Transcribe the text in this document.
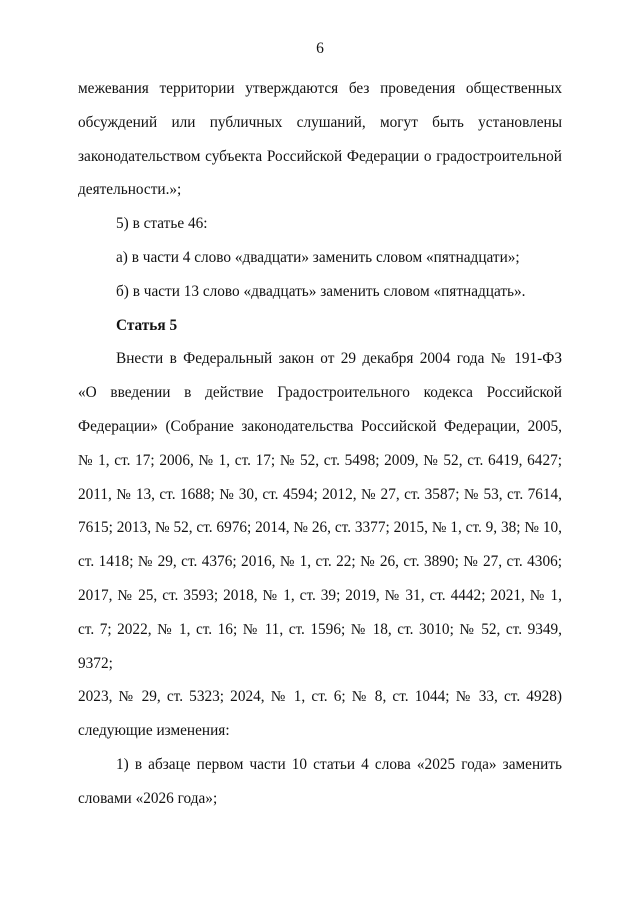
6
межевания территории утверждаются без проведения общественных
обсуждений или публичных слушаний, могут быть установлены
законодательством субъекта Российской Федерации о градостроительной
деятельности.»;
5) в статье 46:
а) в части 4 слово «двадцати» заменить словом «пятнадцати»;
б) в части 13 слово «двадцать» заменить словом «пятнадцать».
Статья 5
Внести в Федеральный закон от 29 декабря 2004 года № 191-ФЗ
«О введении в действие Градостроительного кодекса Российской
Федерации» (Собрание законодательства Российской Федерации, 2005,
№ 1, ст. 17; 2006, № 1, ст. 17; № 52, ст. 5498; 2009, № 52, ст. 6419, 6427;
2011, № 13, ст. 1688; № 30, ст. 4594; 2012, № 27, ст. 3587; № 53, ст. 7614,
7615; 2013, № 52, ст. 6976; 2014, № 26, ст. 3377; 2015, № 1, ст. 9, 38; № 10,
ст. 1418; № 29, ст. 4376; 2016, № 1, ст. 22; № 26, ст. 3890; № 27, ст. 4306;
2017, № 25, ст. 3593; 2018, № 1, ст. 39; 2019, № 31, ст. 4442; 2021, № 1,
ст. 7; 2022, № 1, ст. 16; № 11, ст. 1596; № 18, ст. 3010; № 52, ст. 9349, 9372;
2023, № 29, ст. 5323; 2024, № 1, ст. 6; № 8, ст. 1044; № 33, ст. 4928)
следующие изменения:
1) в абзаце первом части 10 статьи 4 слова «2025 года» заменить
словами «2026 года»;
